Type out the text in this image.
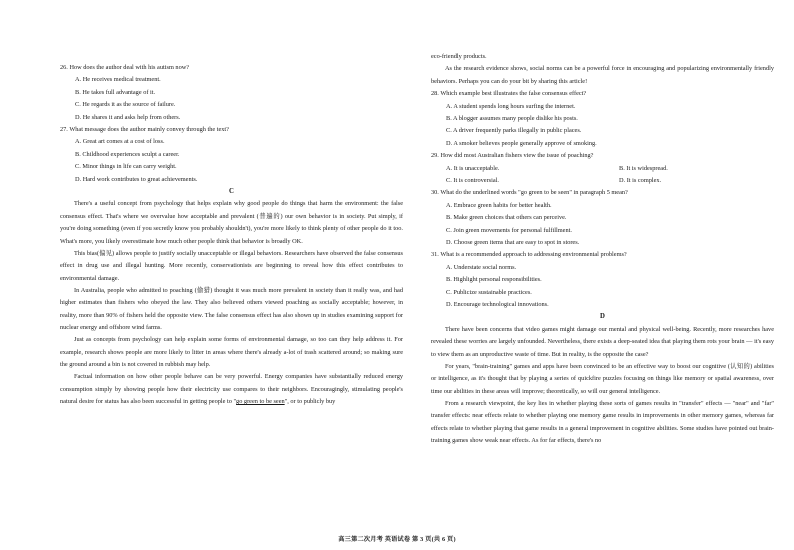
26. How does the author deal with his autism now?

A. He receives medical treatment.

B. He takes full advantage of it.

C. He regards it as the source of failure.

D. He shares it and asks help from others.

27. What message does the author mainly convey through the text?

A. Great art comes at a cost of loss.

B. Childhood experiences sculpt a career.

C. Minor things in life can carry weight.

D. Hard work contributes to great achievements.

C

There's a useful concept from psychology that helps explain why good people do things that harm the environment: the false consensus effect. That's where we overvalue how acceptable and prevalent (普遍的) our own behavior is in society. Put simply, if you're doing something (even if you secretly know you probably shouldn't), you're more likely to think plenty of other people do it too. What's more, you likely overestimate how much other people think that behavior is broadly OK.

This bias(偏见) allows people to justify socially unacceptable or illegal behaviors. Researchers have observed the false consensus effect in drug use and illegal hunting. More recently, conservationists are beginning to reveal how this effect contributes to environmental damage.

In Australia, people who admitted to poaching (偷猎) thought it was much more prevalent in society than it really was, and had higher estimates than fishers who obeyed the law. They also believed others viewed poaching as socially acceptable; however, in reality, more than 90% of fishers held the opposite view. The false consensus effect has also shown up in studies examining support for nuclear energy and offshore wind farms.

Just as concepts from psychology can help explain some forms of environmental damage, so too can they help address it. For example, research shows people are more likely to litter in areas where there's already a-lot of trash scattered around; so making sure the ground around a bin is not covered in rubbish may help.

Factual information on how other people behave can be very powerful. Energy companies have substantially reduced energy consumption simply by showing people how their electricity use compares to their neighbors. Encouragingly, stimulating people's natural desire for status has also been successful in getting people to "go green to be seen", or to publicly buy

eco-friendly products.

As the research evidence shows, social norms can be a powerful force in encouraging and popularizing environmentally friendly behaviors. Perhaps you can do your bit by sharing this article!

28. Which example best illustrates the false consensus effect?

A. A student spends long hours surfing the internet.

B. A blogger assumes many people dislike his posts.

C. A driver frequently parks illegally in public places.

D. A smoker believes people generally approve of smoking.

29. How did most Australian fishers view the issue of poaching?

A. It is unacceptable.	B. It is widespread.
C. It is controversial.	D. It is complex.

30. What do the underlined words "go green to be seen" in paragraph 5 mean?

A. Embrace green habits for better health.

B. Make green choices that others can perceive.

C. Join green movements for personal fulfillment.

D. Choose green items that are easy to spot in stores.

31. What is a recommended approach to addressing environmental problems?

A. Understate social norms.

B. Highlight personal responsibilities.

C. Publicize sustainable practices.

D. Encourage technological innovations.

D

There have been concerns that video games might damage our mental and physical well-being. Recently, more researches have revealed these worries are largely unfounded. Nevertheless, there exists a deep-seated idea that playing them rots your brain — it's easy to view them as an unproductive waste of time. But in reality, is the opposite the case?

For years, "brain-training" games and apps have been convinced to be an effective way to boost our cognitive (认知的) abilities or intelligence, as it's thought that by playing a series of quickfire puzzles focusing on things like memory or spatial awareness, over time our abilities in these areas will improve; theoretically, so will our general intelligence.

From a research viewpoint, the key lies in whether playing these sorts of games results in "transfer" effects — "near" and "far" transfer effects: near effects relate to whether playing one memory game results in improvements in other memory games, whereas far effects relate to whether playing that game results in a general improvement in cognitive abilities. Some studies have pointed out brain-training games show weak near effects. As for far effects, there's no

高三第二次月考 英语试卷 第 3 页(共 6 页)
